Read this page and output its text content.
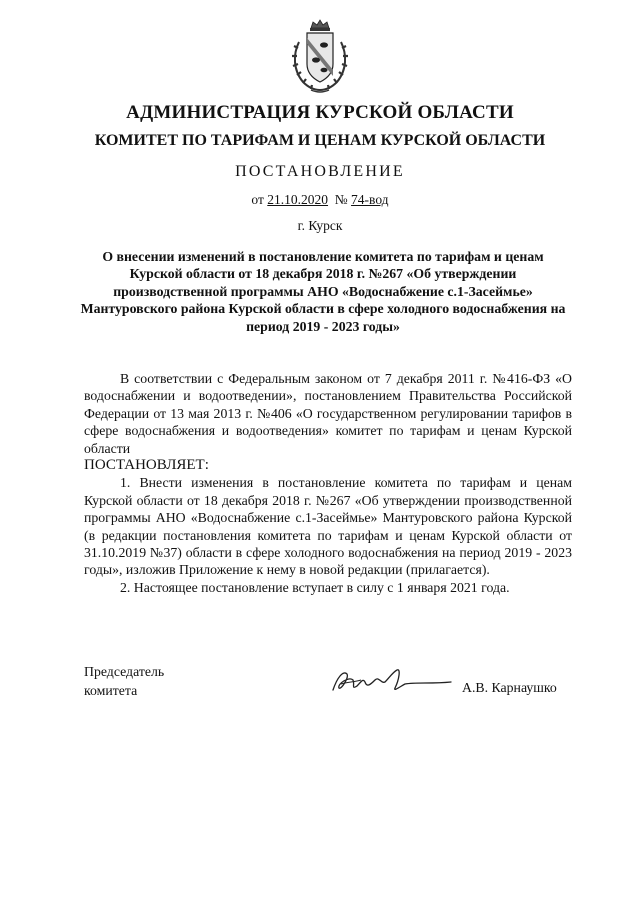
АДМИНИСТРАЦИЯ КУРСКОЙ ОБЛАСТИ
КОМИТЕТ ПО ТАРИФАМ И ЦЕНАМ КУРСКОЙ ОБЛАСТИ
ПОСТАНОВЛЕНИЕ
от 21.10.2020 № 74-вод
г. Курск
О внесении изменений в постановление комитета по тарифам и ценам Курской области от 18 декабря 2018 г. №267 «Об утверждении производственной программы АНО «Водоснабжение с.1-Засеймье» Мантуровского района Курской области в сфере холодного водоснабжения на период 2019 - 2023 годы»

В соответствии с Федеральным законом от 7 декабря 2011 г. №416-ФЗ «О водоснабжении и водоотведении», постановлением Правительства Российской Федерации от 13 мая 2013 г. №406 «О государственном регулировании тарифов в сфере водоснабжения и водоотведения» комитет по тарифам и ценам Курской области

ПОСТАНОВЛЯЕТ:

1. Внести изменения в постановление комитета по тарифам и ценам Курской области от 18 декабря 2018 г. №267 «Об утверждении производственной программы АНО «Водоснабжение с.1-Засеймье» Мантуровского района Курской (в редакции постановления комитета по тарифам и ценам Курской области от 31.10.2019 №37) области в сфере холодного водоснабжения на период 2019 - 2023 годы», изложив Приложение к нему в новой редакции (прилагается).

2. Настоящее постановление вступает в силу с 1 января 2021 года.

Председатель
комитета	А.В. Карнаушко
